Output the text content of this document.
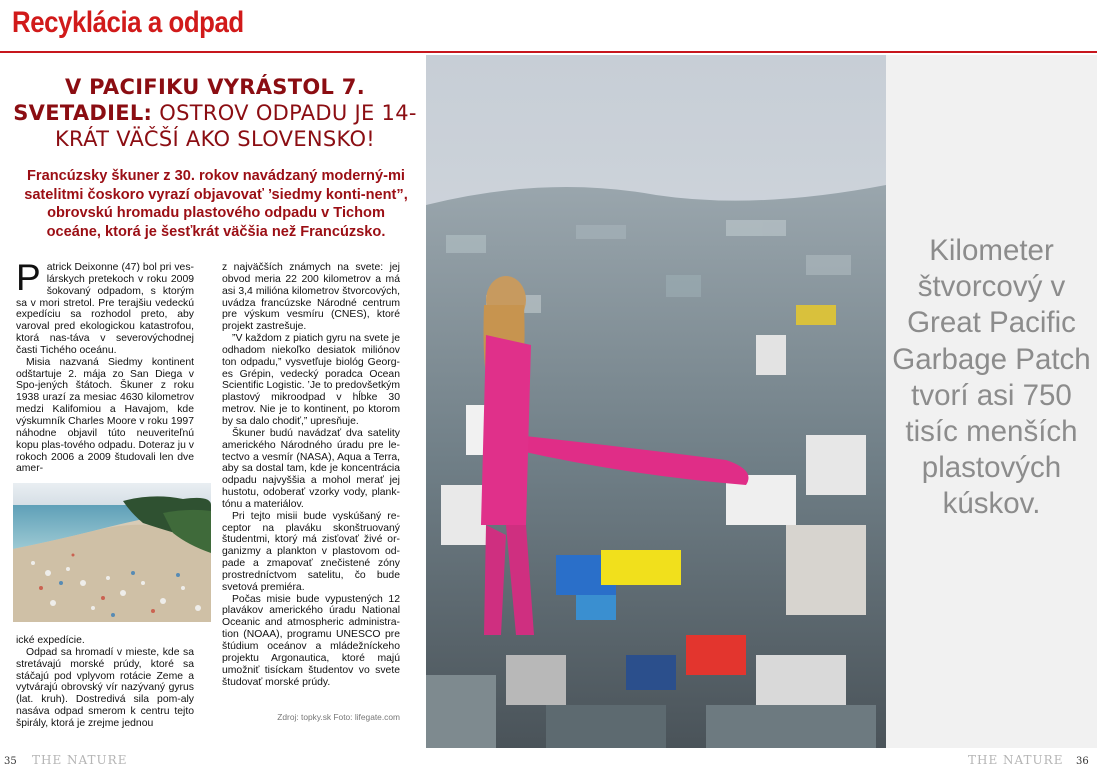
Recyklácia a odpad
V PACIFIKU VYRÁSTOL 7. SVETADIEL: OSTROV ODPADU JE 14-KRÁT VÄČŠÍ AKO SLOVENSKO!
Francúzsky škuner z 30. rokov navádzaný moderný-mi satelitmi čoskoro vyrazí objavovať ’siedmy konti-nent”, obrovskú hromadu plastového odpadu v Tichom oceáne, ktorá je šesťkrát väčšia než Francúzsko.
P atrick Deixonne (47) bol pri ves-lárskych pretekoch v roku 2009 šokovaný odpadom, s ktorým sa v mori stretol. Pre terajšiu vedeckú expedíciu sa rozhodol preto, aby varoval pred ekologickou katastrofou, ktorá nas-táva v severovýchodnej časti Tichého oceánu.

Misia nazvaná Siedmy kontinent odštartuje 2. mája zo San Diega v Spo-jených štátoch. Škuner z roku 1938 urazí za mesiac 4630 kilometrov medzi Kalifomiou a Havajom, kde výskumník Charles Moore v roku 1997 náhodne objavil túto neuveriteľnú kopu plas-tového odpadu. Doteraz ju v rokoch 2006 a 2009 študovali len dve amer-

ické expedície.

Odpad sa hromadí v mieste, kde sa stretávajú morské prúdy, ktoré sa stáčajú pod vplyvom rotácie Zeme a vytvárajú obrovský vír nazývaný gyrus (lat. kruh). Dostredivá sila pom-aly nasáva odpad smerom k centru tejto špirály, ktorá je zrejme jednou

z najväčších známych na svete: jej obvod meria 22 200 kilometrov a má asi 3,4 milióna kilometrov štvorcových, uvádza francúzske Národné centrum pre výskum vesmíru (CNES), ktoré projekt zastrešuje.

”V každom z piatich gyru na svete je odhadom niekoľko desiatok miliónov ton odpadu,” vysvetľuje biológ Georg-es Grépin, vedecký poradca Ocean Scientific Logistic. ’Je to predovšetkým plastový mikroodpad v hĺbke 30 metrov. Nie je to kontinent, po ktorom by sa dalo chodiť,” upresňuje.

Škuner budú navádzať dva satelity amerického Národného úradu pre le-tectvo a vesmír (NASA), Aqua a Terra, aby sa dostal tam, kde je koncentrácia odpadu najvyššia a mohol merať jej hustotu, odoberať vzorky vody, plank-tónu a materiálov.

Pri tejto misii bude vyskúšaný re-ceptor na plaváku skonštruovaný študentmi, ktorý má zisťovať živé or-ganizmy a plankton v plastovom od-pade a zmapovať znečistené zóny prostredníctvom satelitu, čo bude svetová premiéra.

Počas misie bude vypustených 12 plavákov amerického úradu National Oceanic and atmospheric administra-tion (NOAA), programu UNESCO pre štúdium oceánov a mládežníckeho projektu Argonautica, ktoré majú umožniť tisíckam študentov vo svete študovať morské prúdy.

Zdroj: topky.sk Foto: lifegate.com
Kilometer štvorcový v Great Pacific Garbage Patch tvorí asi 750 tisíc menších plastových kúskov.
35 THE NATURE	THE NATURE 36
